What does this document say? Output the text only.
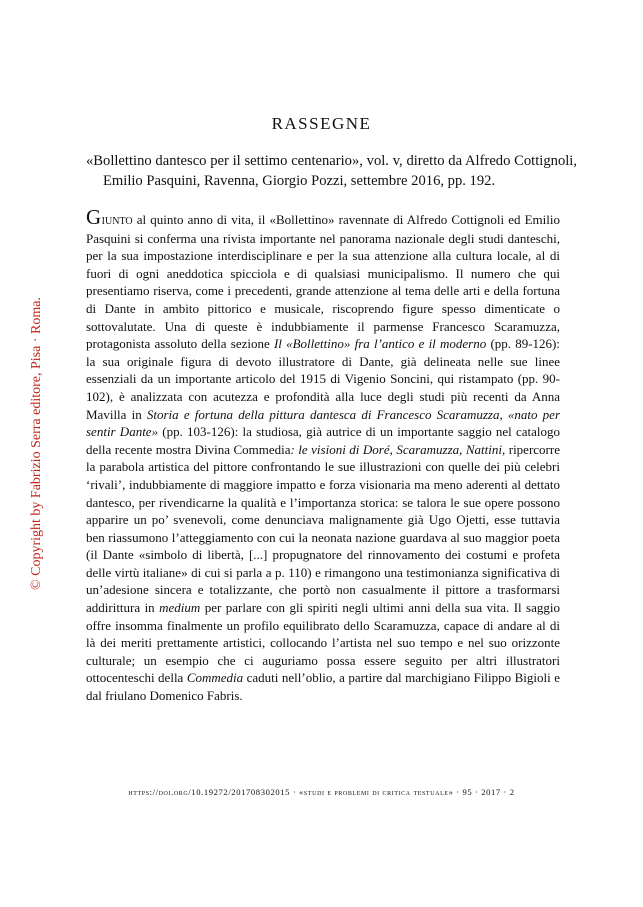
© Copyright by Fabrizio Serra editore, Pisa · Roma.
RASSEGNE
«Bollettino dantesco per il settimo centenario», vol. v, diretto da Alfredo Cottignoli, Emilio Pasquini, Ravenna, Giorgio Pozzi, settembre 2016, pp. 192.

Giunto al quinto anno di vita, il «Bollettino» ravennate di Alfredo Cottignoli ed Emilio Pasquini si conferma una rivista importante nel panorama nazionale degli studi danteschi, per la sua impostazione interdisciplinare e per la sua attenzione alla cultura locale, al di fuori di ogni aneddotica spicciola e di qualsiasi municipalismo. Il numero che qui presentiamo riserva, come i precedenti, grande attenzione al tema delle arti e della fortuna di Dante in ambito pittorico e musicale, riscoprendo figure spesso dimenticate o sottovalutate. Una di queste è indubbiamente il parmense Francesco Scaramuzza, protagonista assoluto della sezione Il «Bollettino» fra l’antico e il moderno (pp. 89-126): la sua originale figura di devoto illustratore di Dante, già delineata nelle sue linee essenziali da un importante articolo del 1915 di Vigenio Soncini, qui ristampato (pp. 90-102), è analizzata con acutezza e profondità alla luce degli studi più recenti da Anna Mavilla in Storia e fortuna della pittura dantesca di Francesco Scaramuzza, «nato per sentir Dante» (pp. 103-126): la studiosa, già autrice di un importante saggio nel catalogo della recente mostra Divina Commedia: le visioni di Doré, Scaramuzza, Nattini, ripercorre la parabola artistica del pittore confrontando le sue illustrazioni con quelle dei più celebri ‘rivali’, indubbiamente di maggiore impatto e forza visionaria ma meno aderenti al dettato dantesco, per rivendicarne la qualità e l’importanza storica: se talora le sue opere possono apparire un po’ svenevoli, come denunciava malignamente già Ugo Ojetti, esse tuttavia ben riassumono l’atteggiamento con cui la neonata nazione guardava al suo maggior poeta (il Dante «simbolo di libertà, [...] propugnatore del rinnovamento dei costumi e profeta delle virtù italiane» di cui si parla a p. 110) e rimangono una testimonianza significativa di un’adesione sincera e totalizzante, che portò non casualmente il pittore a trasformarsi addirittura in medium per parlare con gli spiriti negli ultimi anni della sua vita. Il saggio offre insomma finalmente un profilo equilibrato dello Scaramuzza, capace di andare al di là dei meriti prettamente artistici, collocando l’artista nel suo tempo e nel suo orizzonte culturale; un esempio che ci auguriamo possa essere seguito per altri illustratori ottocenteschi della Commedia caduti nell’oblio, a partire dal marchigiano Filippo Bigioli e dal friulano Domenico Fabris.

https://doi.org/10.19272/201708302015 · «studi e problemi di critica testuale» · 95 · 2017 · 2
